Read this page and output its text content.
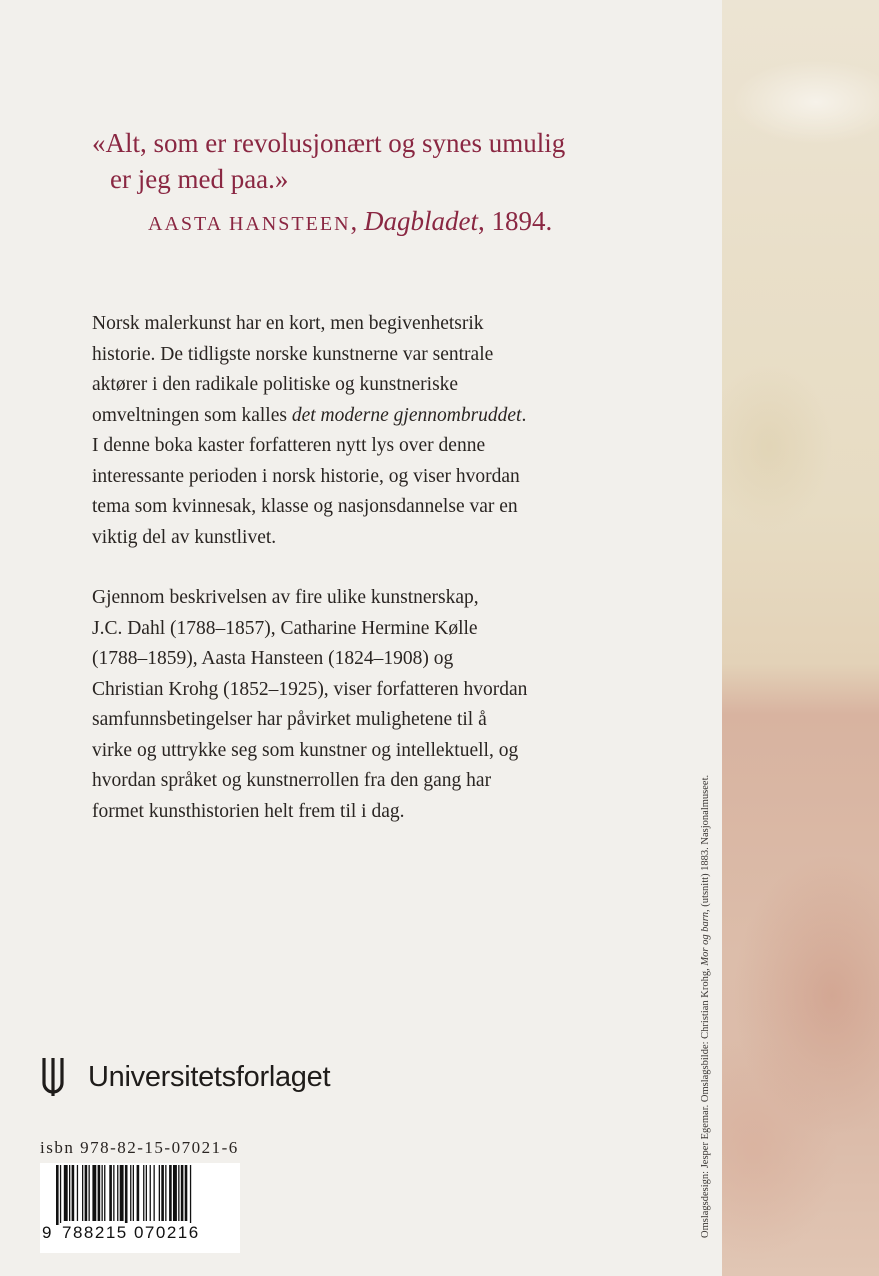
Omslagsdesign: Jesper Egemar. Omslagsbilde: Christian Krohg, Mor og barn, (utsnitt) 1883. Nasjonalmuseet.
«Alt, som er revolusjonært og synes umulig
er jeg med paa.»
AASTA HANSTEEN, Dagbladet, 1894.

Norsk malerkunst har en kort, men begivenhetsrik
historie. De tidligste norske kunstnerne var sentrale
aktører i den radikale politiske og kunstneriske
omveltningen som kalles det moderne gjennombruddet.
I denne boka kaster forfatteren nytt lys over denne
interessante perioden i norsk historie, og viser hvordan
tema som kvinnesak, klasse og nasjonsdannelse var en
viktig del av kunstlivet.

Gjennom beskrivelsen av fire ulike kunstnerskap,
J.C. Dahl (1788–1857), Catharine Hermine Kølle
(1788–1859), Aasta Hansteen (1824–1908) og
Christian Krohg (1852–1925), viser forfatteren hvordan
samfunnsbetingelser har påvirket mulighetene til å
virke og uttrykke seg som kunstner og intellektuell, og
hvordan språket og kunstnerrollen fra den gang har
formet kunsthistorien helt frem til i dag.

Universitetsforlaget
isbn 978-82-15-07021-6
9 788215 070216
